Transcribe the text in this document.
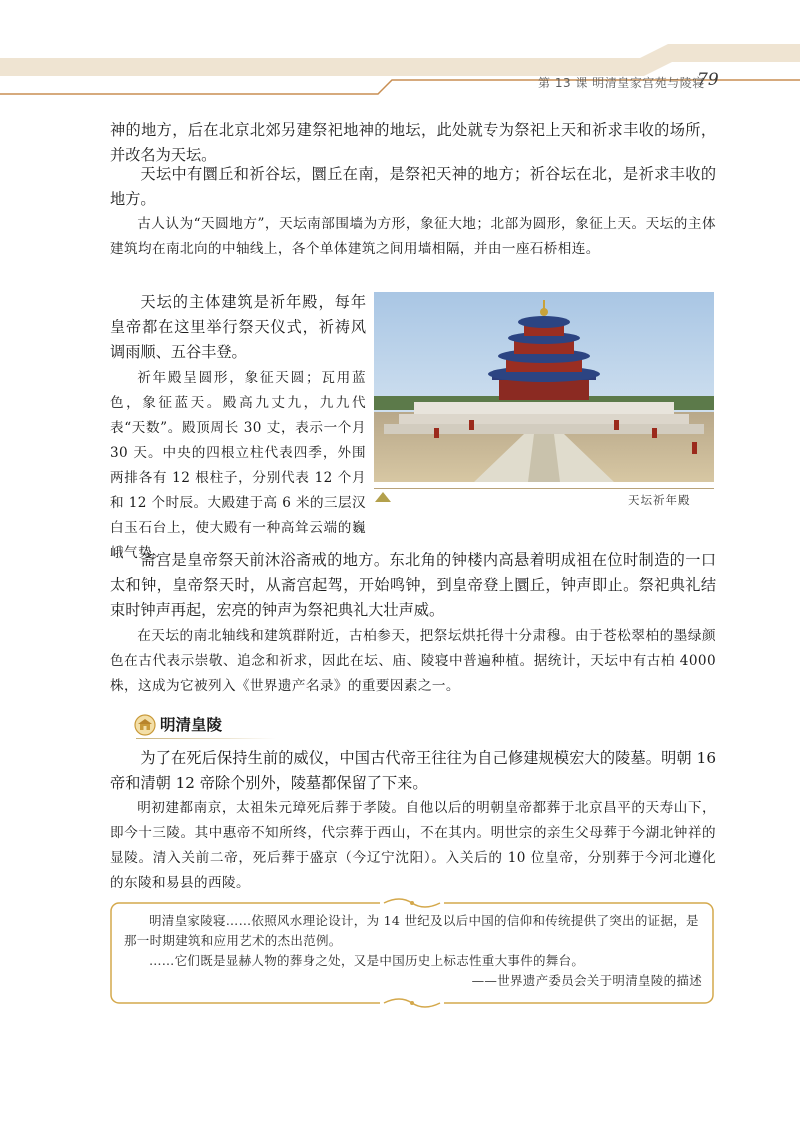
第 13 课 明清皇家宫苑与陵寝
79

神的地方，后在北京北郊另建祭祀地神的地坛，此处就专为祭祀上天和祈求丰收的场所，并改名为天坛。

天坛中有圜丘和祈谷坛，圜丘在南，是祭祀天神的地方；祈谷坛在北，是祈求丰收的地方。

古人认为“天圆地方”，天坛南部围墙为方形，象征大地；北部为圆形，象征上天。天坛的主体建筑均在南北向的中轴线上，各个单体建筑之间用墙相隔，并由一座石桥相连。

天坛的主体建筑是祈年殿，每年皇帝都在这里举行祭天仪式，祈祷风调雨顺、五谷丰登。

祈年殿呈圆形，象征天圆；瓦用蓝色，象征蓝天。殿高九丈九，九九代表“天数”。殿顶周长 30 丈，表示一个月 30 天。中央的四根立柱代表四季，外围两排各有 12 根柱子，分别代表 12 个月和 12 个时辰。大殿建于高 6 米的三层汉白玉石台上，使大殿有一种高耸云端的巍峨气势。

天坛祈年殿

斋宫是皇帝祭天前沐浴斋戒的地方。东北角的钟楼内高悬着明成祖在位时制造的一口太和钟，皇帝祭天时，从斋宫起驾，开始鸣钟，到皇帝登上圜丘，钟声即止。祭祀典礼结束时钟声再起，宏亮的钟声为祭祀典礼大壮声威。

在天坛的南北轴线和建筑群附近，古柏参天，把祭坛烘托得十分肃穆。由于苍松翠柏的墨绿颜色在古代表示崇敬、追念和祈求，因此在坛、庙、陵寝中普遍种植。据统计，天坛中有古柏 4000 株，这成为它被列入《世界遗产名录》的重要因素之一。

明清皇陵

为了在死后保持生前的威仪，中国古代帝王往往为自己修建规模宏大的陵墓。明朝 16 帝和清朝 12 帝除个别外，陵墓都保留了下来。

明初建都南京，太祖朱元璋死后葬于孝陵。自他以后的明朝皇帝都葬于北京昌平的天寿山下，即今十三陵。其中惠帝不知所终，代宗葬于西山，不在其内。明世宗的亲生父母葬于今湖北钟祥的显陵。清入关前二帝，死后葬于盛京（今辽宁沈阳）。入关后的 10 位皇帝，分别葬于今河北遵化的东陵和易县的西陵。

明清皇家陵寝……依照风水理论设计，为 14 世纪及以后中国的信仰和传统提供了突出的证据，是那一时期建筑和应用艺术的杰出范例。

……它们既是显赫人物的葬身之处，又是中国历史上标志性重大事件的舞台。

——世界遗产委员会关于明清皇陵的描述
